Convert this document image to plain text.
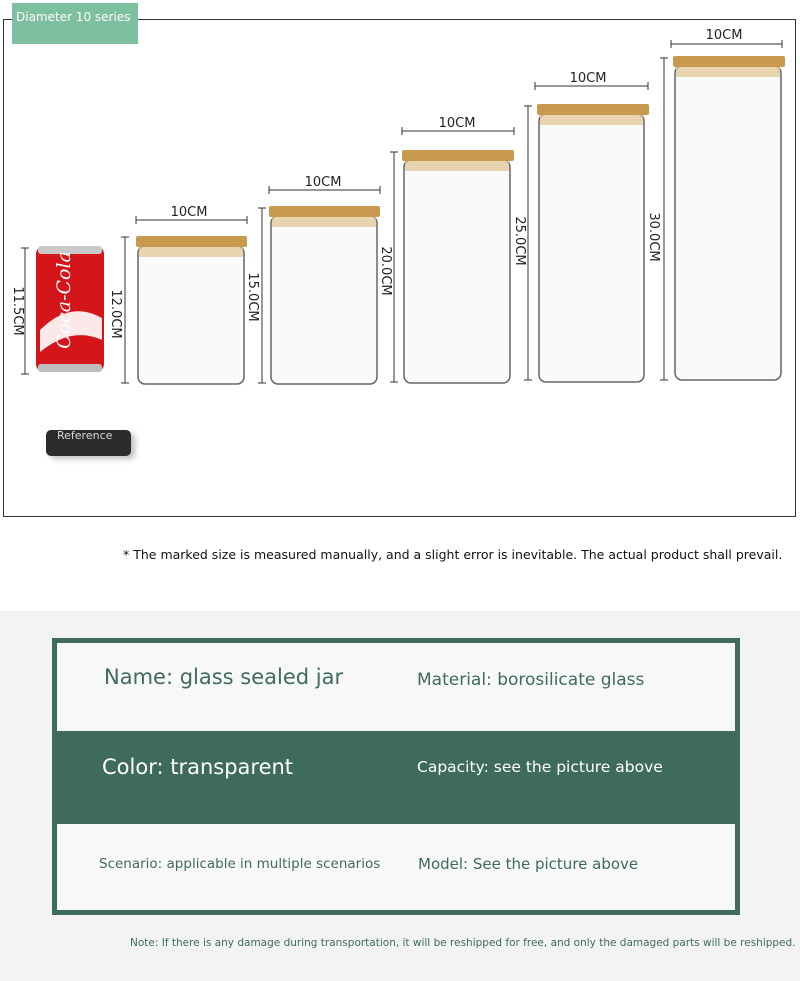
Coca-Cola
11.5CM
10CM
12.0CM
10CM
15.0CM
10CM
20.0CM
10CM
25.0CM
10CM
30.0CM
Diameter 10 series
Reference
* The marked size is measured manually, and a slight error is inevitable. The actual product shall prevail.
Name: glass sealed jar	Material: borosilicate glass
Color: transparent	Capacity: see the picture above
Scenario: applicable in multiple scenarios	Model: See the picture above
Note: If there is any damage during transportation, it will be reshipped for free, and only the damaged parts will be reshipped.
